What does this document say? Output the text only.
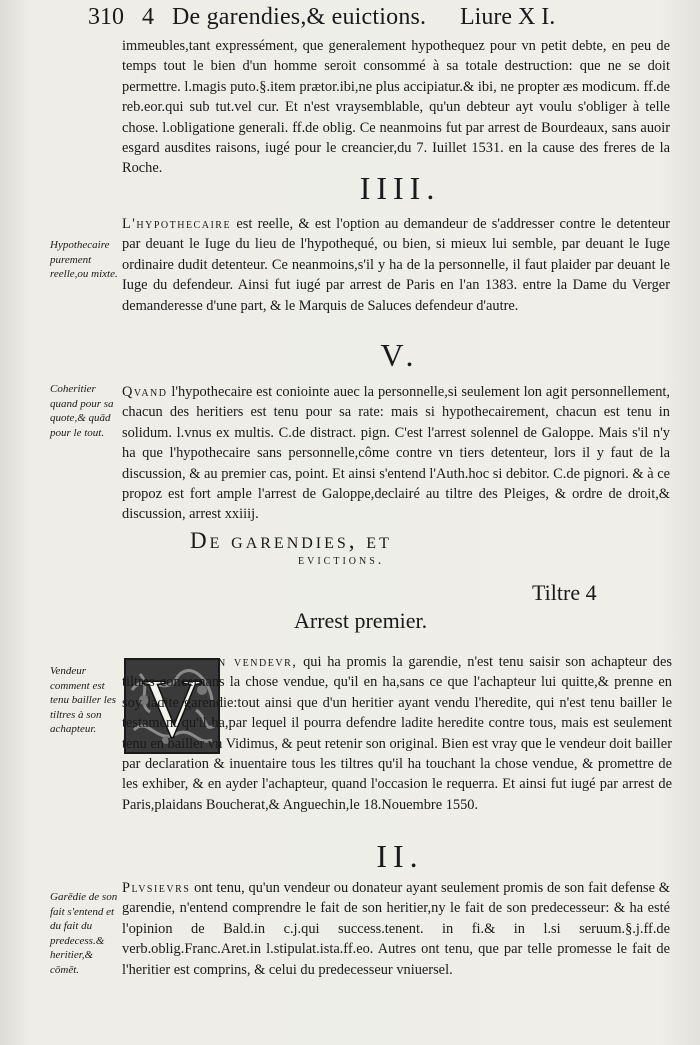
310 4 De garendies,& euictions. Liure X I.

immeubles,tant expressément, que generalement hypothequez pour vn petit debte, en peu de temps tout le bien d'un homme seroit consommé à sa totale destruction: que ne se doit permettre. l.magis puto.§.item prætor.ibi,ne plus accipiatur.& ibi, ne propter æs modicum. ff.de reb.eor.qui sub tut.vel cur. Et n'est vraysemblable, qu'un debteur ayt voulu s'obliger à telle chose. l.obligatione generali. ff.de oblig. Ce neanmoins fut par arrest de Bourdeaux, sans auoir esgard ausdites raisons, iugé pour le creancier,du 7. Iuillet 1531. en la cause des freres de la Roche.

IIII.

Hypothecaire purement reelle,ou mixte.

L'hypothecaire est reelle, & est l'option au demandeur de s'addresser contre le detenteur par deuant le Iuge du lieu de l'hypothequé, ou bien, si mieux lui semble, par deuant le Iuge ordinaire dudit detenteur. Ce neanmoins,s'il y ha de la personnelle, il faut plaider par deuant le Iuge du defendeur. Ainsi fut iugé par arrest de Paris en l'an 1383. entre la Dame du Verger demanderesse d'une part, & le Marquis de Saluces defendeur d'autre.

V.

Coheritier quand pour sa quote,& quād pour le tout.

Qvand l'hypothecaire est coniointe auec la personnelle,si seulement lon agit personnellement, chacun des heritiers est tenu pour sa rate: mais si hypothecairement, chacun est tenu in solidum. l.vnus ex multis. C.de distract. pign. C'est l'arrest solennel de Galoppe. Mais s'il n'y ha que l'hypothecaire sans personnelle,côme contre vn tiers detenteur, lors il y faut de la discussion, & au premier cas, point. Et ainsi s'entend l'Auth.hoc si debitor. C.de pignori. & à ce propoz est fort ample l'arrest de Galoppe,declairé au tiltre des Pleiges, & ordre de droit,& discussion, arrest xxiiij.

De garendies, et
evictions.
Tiltre 4
Arrest premier.

Vendeur comment est tenu bailler les tiltres à son achapteur. V	n vendevr, qui ha promis la garendie, n'est tenu saisir son achapteur des tiltres concernans la chose vendue, qu'il en ha,sans ce que l'achapteur lui quitte,& prenne en soy ladite garendie:tout ainsi que d'un heritier ayant vendu l'heredite, qui n'est tenu bailler le testament qu'il ha,par lequel il pourra defendre ladite heredite contre tous, mais est seulement tenu en bailler vn Vidimus, & peut retenir son original. Bien est vray que le vendeur doit bailler par declaration & inuentaire tous les tiltres qu'il ha touchant la chose vendue, & promettre de les exhiber, & en ayder l'achapteur, quand l'occasion le requerra. Et ainsi fut iugé par arrest de Paris,plaidans Boucherat,& Anguechin,le 18.Nouembre 1550.

II.

Garēdie de son fait s'entend et du fait du predecess.& heritier,& cōmēt.

Plvsievrs ont tenu, qu'un vendeur ou donateur ayant seulement promis de son fait defense & garendie, n'entend comprendre le fait de son heritier,ny le fait de son predecesseur: & ha esté l'opinion de Bald.in c.j.qui success.tenent. in fi.& in l.si seruum.§.j.ff.de verb.oblig.Franc.Aret.in l.stipulat.ista.ff.eo. Autres ont tenu, que par telle promesse le fait de l'heritier est comprins, & celui du predecesseur vniuersel.
